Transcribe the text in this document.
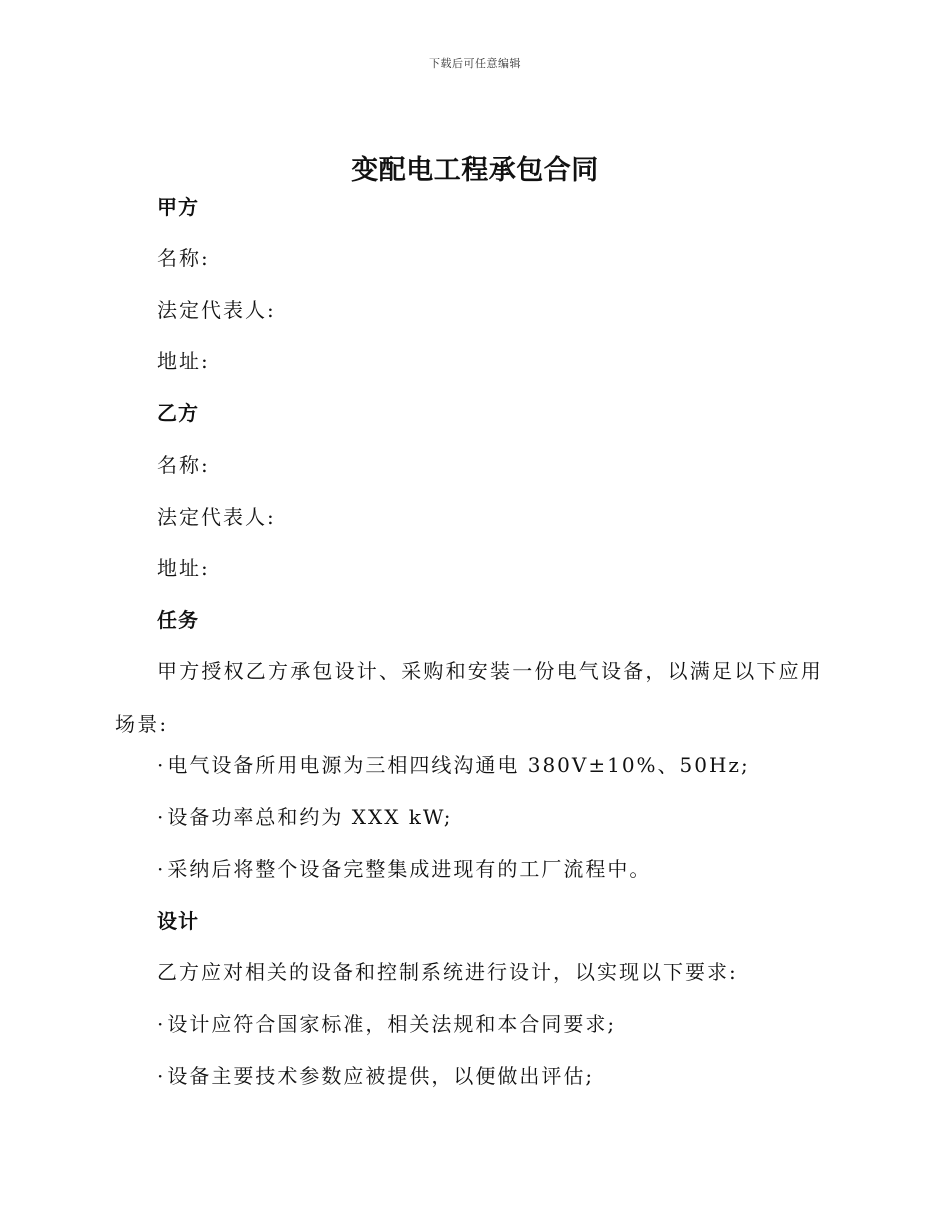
下载后可任意编辑
变配电工程承包合同
甲方
名称:
法定代表人:
地址:
乙方
名称:
法定代表人:
地址:
任务

甲方授权乙方承包设计、采购和安装一份电气设备，以满足以下应用场景:

· 电气设备所用电源为三相四线沟通电 380V±10%、50Hz;
· 设备功率总和约为 XXX kW;
· 采纳后将整个设备完整集成进现有的工厂流程中。
设计
乙方应对相关的设备和控制系统进行设计，以实现以下要求:
· 设计应符合国家标准，相关法规和本合同要求;
· 设备主要技术参数应被提供，以便做出评估;
